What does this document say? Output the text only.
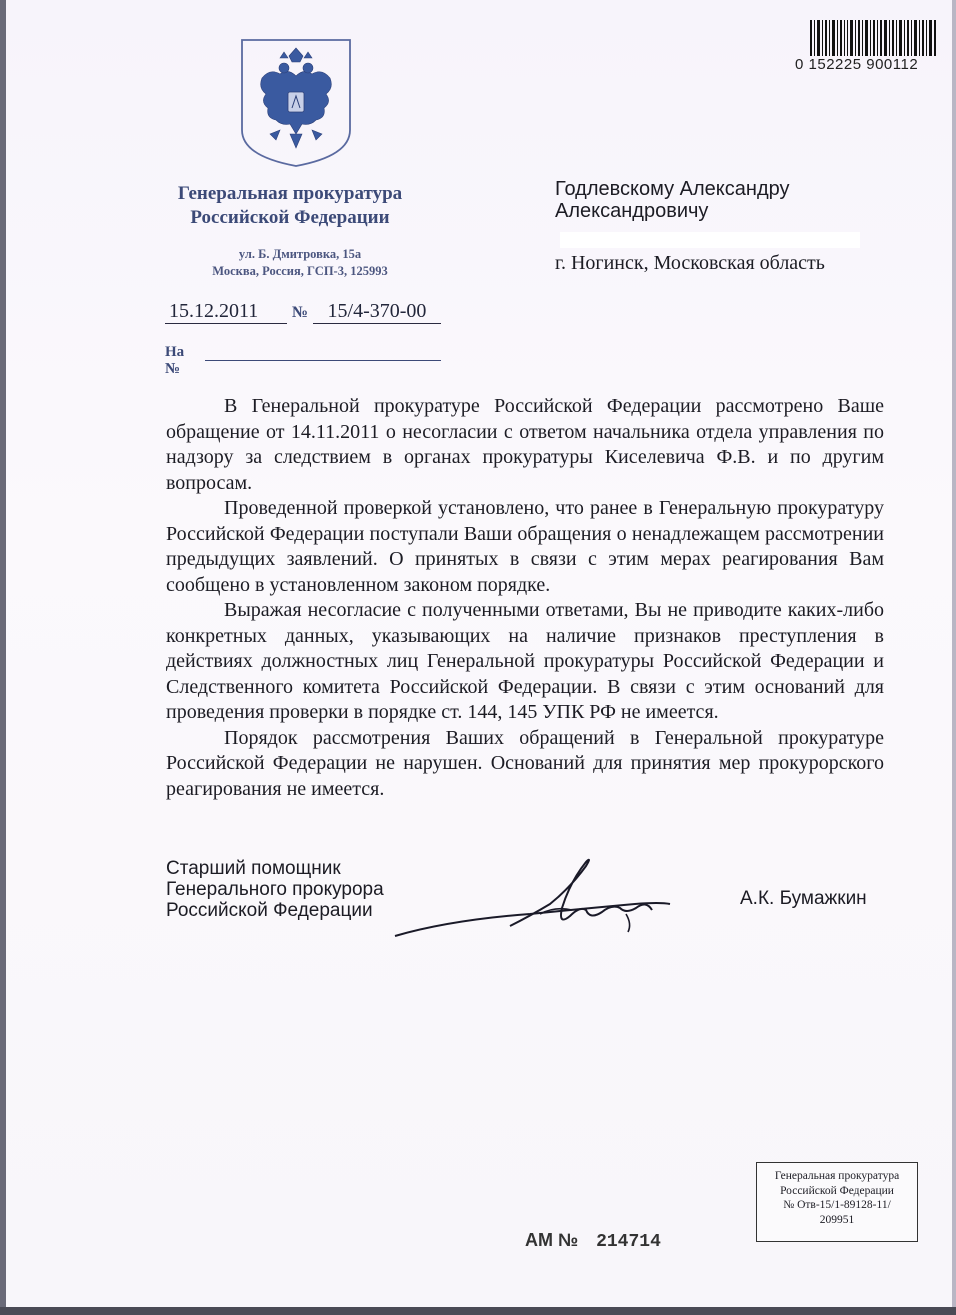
0 152225 900112
Генеральная прокуратура
Российской Федерации
ул. Б. Дмитровка, 15а
Москва, Россия, ГСП-3, 125993
Годлевскому Александру
Александровичу
г. Ногинск, Московская область
15.12.2011	№ 15/4-370-00
На №

В Генеральной прокуратуре Российской Федерации рассмотрено Ваше обращение от 14.11.2011 о несогласии с ответом начальника отдела управления по надзору за следствием в органах прокуратуры Киселевича Ф.В. и по другим вопросам.

Проведенной проверкой установлено, что ранее в Генеральную прокуратуру Российской Федерации поступали Ваши обращения о ненадлежащем рассмотрении предыдущих заявлений. О принятых в связи с этим мерах реагирования Вам сообщено в установленном законом порядке.

Выражая несогласие с полученными ответами, Вы не приводите каких-либо конкретных данных, указывающих на наличие признаков преступления в действиях должностных лиц Генеральной прокуратуры Российской Федерации и Следственного комитета Российской Федерации. В связи с этим оснований для проведения проверки в порядке ст. 144, 145 УПК РФ не имеется.

Порядок рассмотрения Ваших обращений в Генеральной прокуратуре Российской Федерации не нарушен. Оснований для принятия мер прокурорского реагирования не имеется.

Старший помощник
Генерального прокурора
Российской Федерации
А.К. Бумажкин
АМ № 214714
Генеральная прокуратура
Российской Федерации
№ Отв-15/1-89128-11/
209951
